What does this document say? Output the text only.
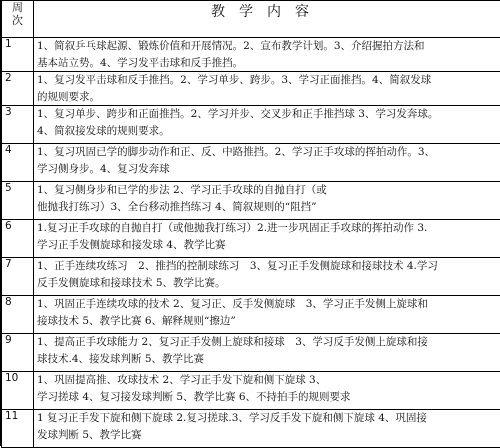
周
次	教学内容
1	1、简叙乒乓球起源、锻炼价值和开展情况。2、宣布教学计划。3、介绍握拍方法和
基本站立势。4、学习发平击球和反手推挡。
2	1、复习发平击球和反手推挡。2、学习单步、跨步。3、学习正面推挡。4、简叙发球
的规则要求。
3	1、复习单步、跨步和正面推挡。2、学习并步、交叉步和正手推挡球 3、学习发奔球。
4、简叙接发球的规则要求。
4	1、复习巩固已学的脚步动作和正、反、中路推挡。2、学习正手攻球的挥拍动作。3、
学习侧身步。4、复习发奔球
5	1、复习侧身步和已学的步法 2、学习正手攻球的自抛自打（或
他抛我打练习）3、全台移动推挡练习 4、简叙规则的“阻挡”
6	1.复习正手攻球的自抛自打（或他抛我打练习）2.进一步巩固正手攻球的挥拍动作 3.
学习正手发侧旋球和接发球 4、教学比赛
7	1、正手连续攻练习　2、推挡的控制球练习　3、复习正手发侧旋球和接球技术 4.学习
反手发侧旋球和接球技术 5、教学比赛。
8	1、巩固正手连续攻球的技术 2、复习正、反手发侧旋球　3、学习正手发侧上旋球和
接球技术 5、教学比赛 6、解释规则“擦边”
9	1、提高正手攻球能力 2、复习正手发侧上旋球和接球　3、学习反手发侧上旋球和接
球技术.4、接发球判断 5、教学比赛
10	1、巩固提高推、攻球技术 2、学习正手发下旋和侧下旋球 3、
学习搓球 4、复习接发球判断 5、教学比赛 6、不持拍手的规则要求
11	1 复习正手发下旋和侧下旋球 2.复习搓球.3、学习反手发下旋和侧下旋球 4、巩固接
发球判断 5、教学比赛
